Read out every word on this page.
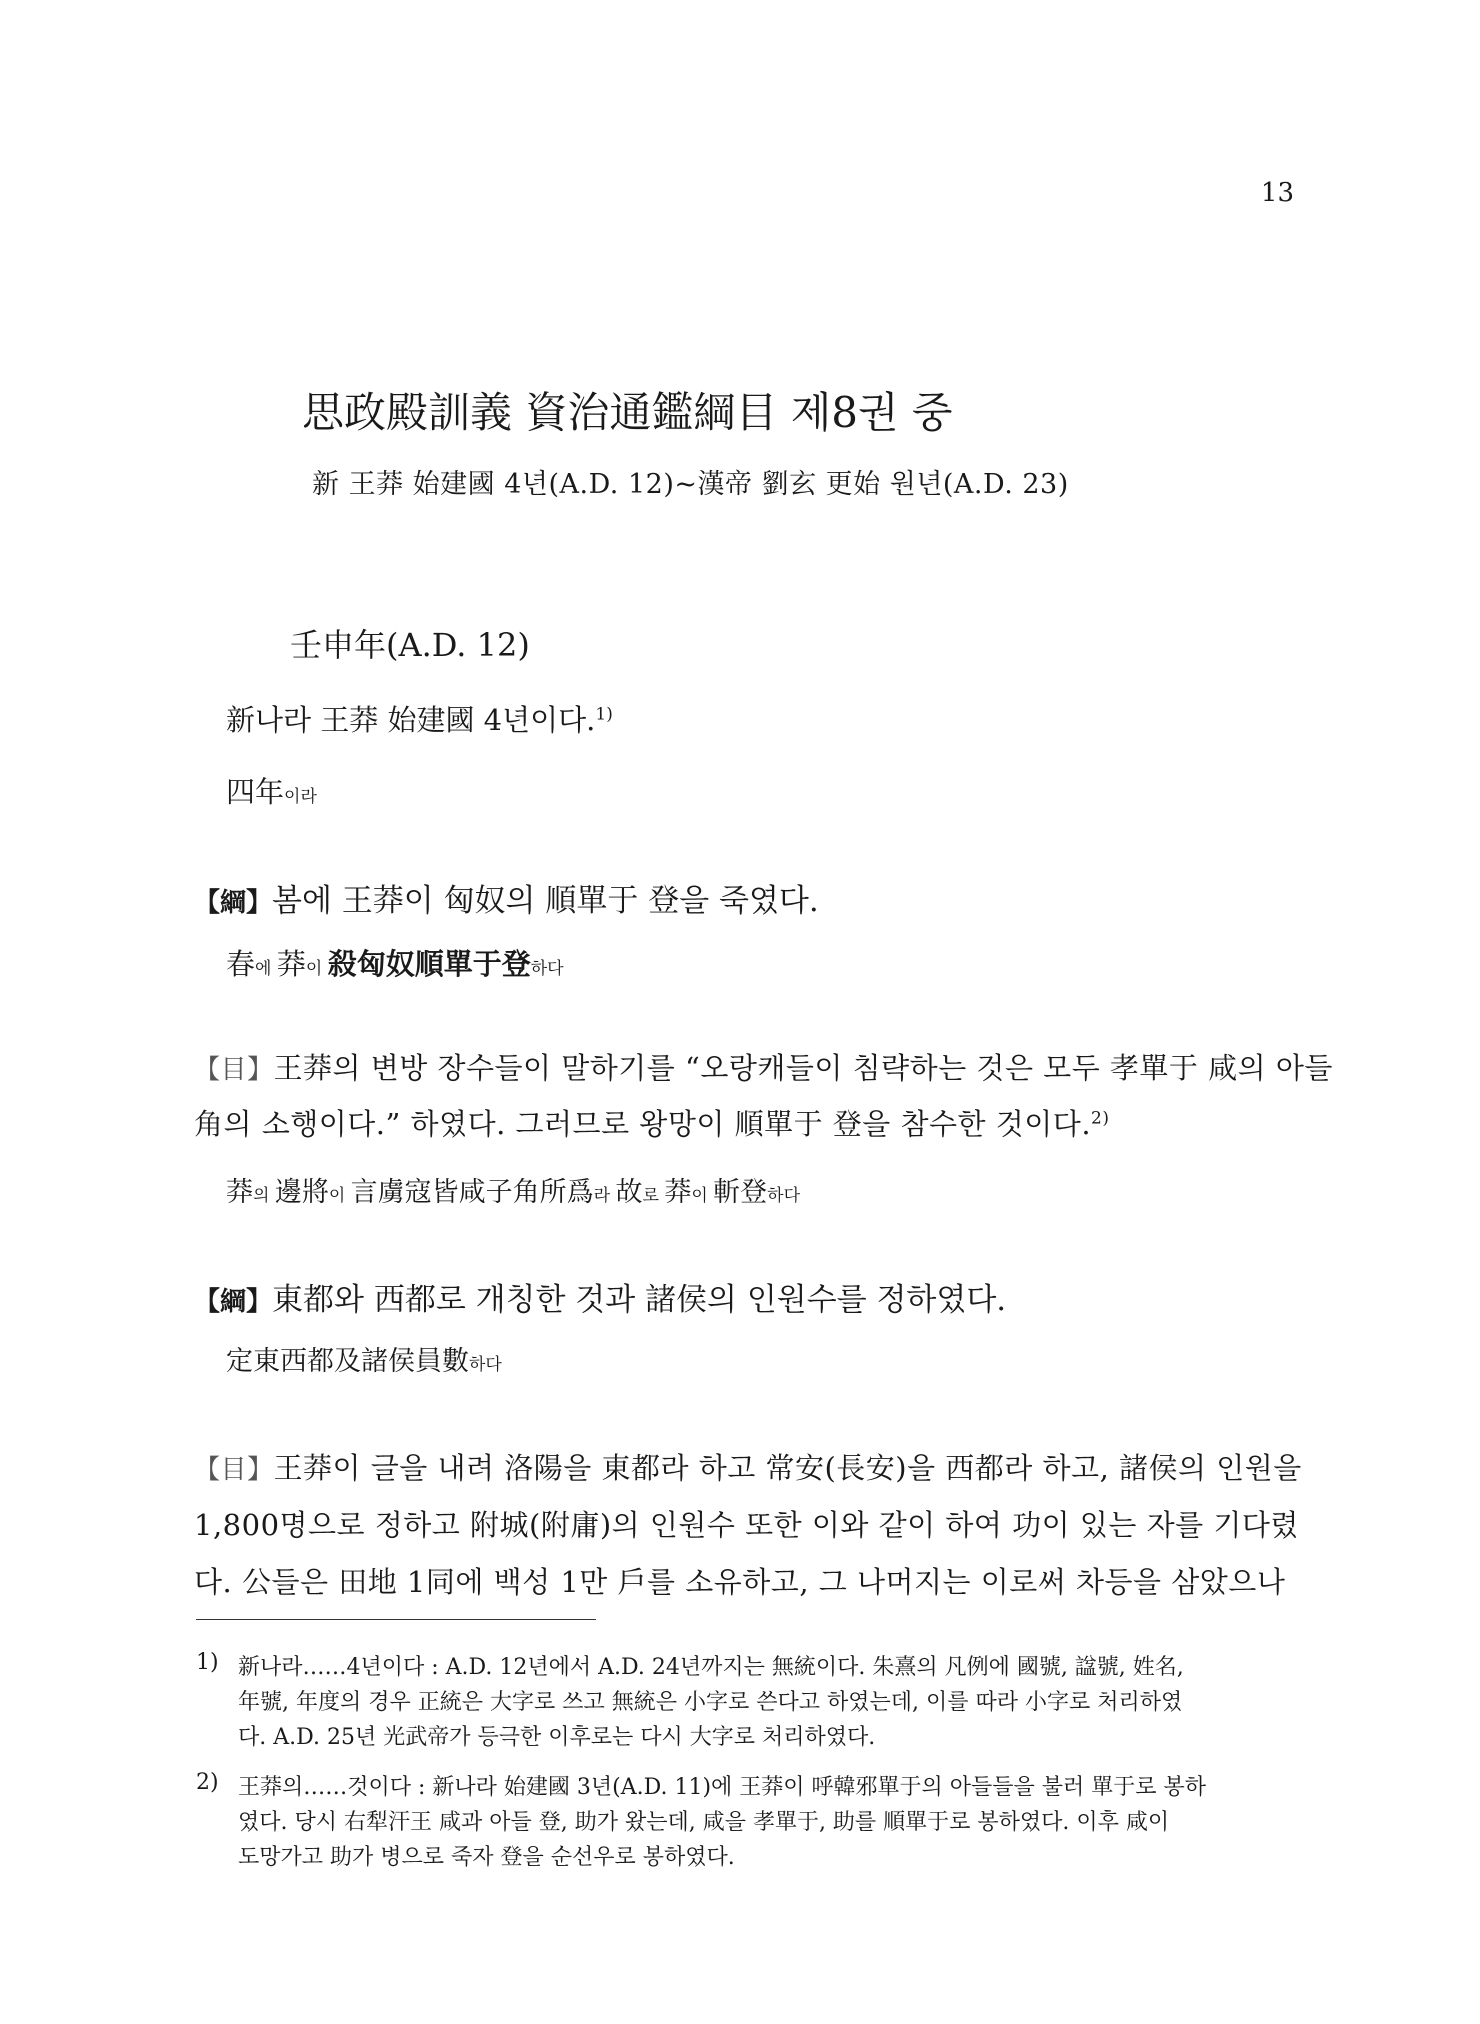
13
思政殿訓義 資治通鑑綱目 제8권 중
新 王莽 始建國 4년(A.D. 12)~漢帝 劉玄 更始 원년(A.D. 23)
壬申年(A.D. 12)
新나라 王莽 始建國 4년이다.$^{1)}$
四年이라
【綱】봄에 王莽이 匈奴의 順單于 登을 죽였다.
春에 莽이 殺匈奴順單于登하다
【目】王莽의 변방 장수들이 말하기를 “오랑캐들이 침략하는 것은 모두 孝單于 咸의 아들
角의 소행이다.” 하였다. 그러므로 왕망이 順單于 登을 참수한 것이다.$^{2)}$
莽의 邊將이 言虜寇皆咸子角所爲라 故로 莽이 斬登하다
【綱】東都와 西都로 개칭한 것과 諸侯의 인원수를 정하였다.
定東西都及諸侯員數하다
【目】王莽이 글을 내려 洛陽을 東都라 하고 常安(長安)을 西都라 하고, 諸侯의 인원을
1,800명으로 정하고 附城(附庸)의 인원수 또한 이와 같이 하여 功이 있는 자를 기다렸
다. 公들은 田地 1同에 백성 1만 戶를 소유하고, 그 나머지는 이로써 차등을 삼았으나
1) 新나라……4년이다 : A.D. 12년에서 A.D. 24년까지는 無統이다. 朱熹의 凡例에 國號, 諡號, 姓名,
年號, 年度의 경우 正統은 大字로 쓰고 無統은 小字로 쓴다고 하였는데, 이를 따라 小字로 처리하였
다. A.D. 25년 光武帝가 등극한 이후로는 다시 大字로 처리하였다.
2) 王莽의……것이다 : 新나라 始建國 3년(A.D. 11)에 王莽이 呼韓邪單于의 아들들을 불러 單于로 봉하
였다. 당시 右犁汗王 咸과 아들 登, 助가 왔는데, 咸을 孝單于, 助를 順單于로 봉하였다. 이후 咸이
도망가고 助가 병으로 죽자 登을 순선우로 봉하였다.
